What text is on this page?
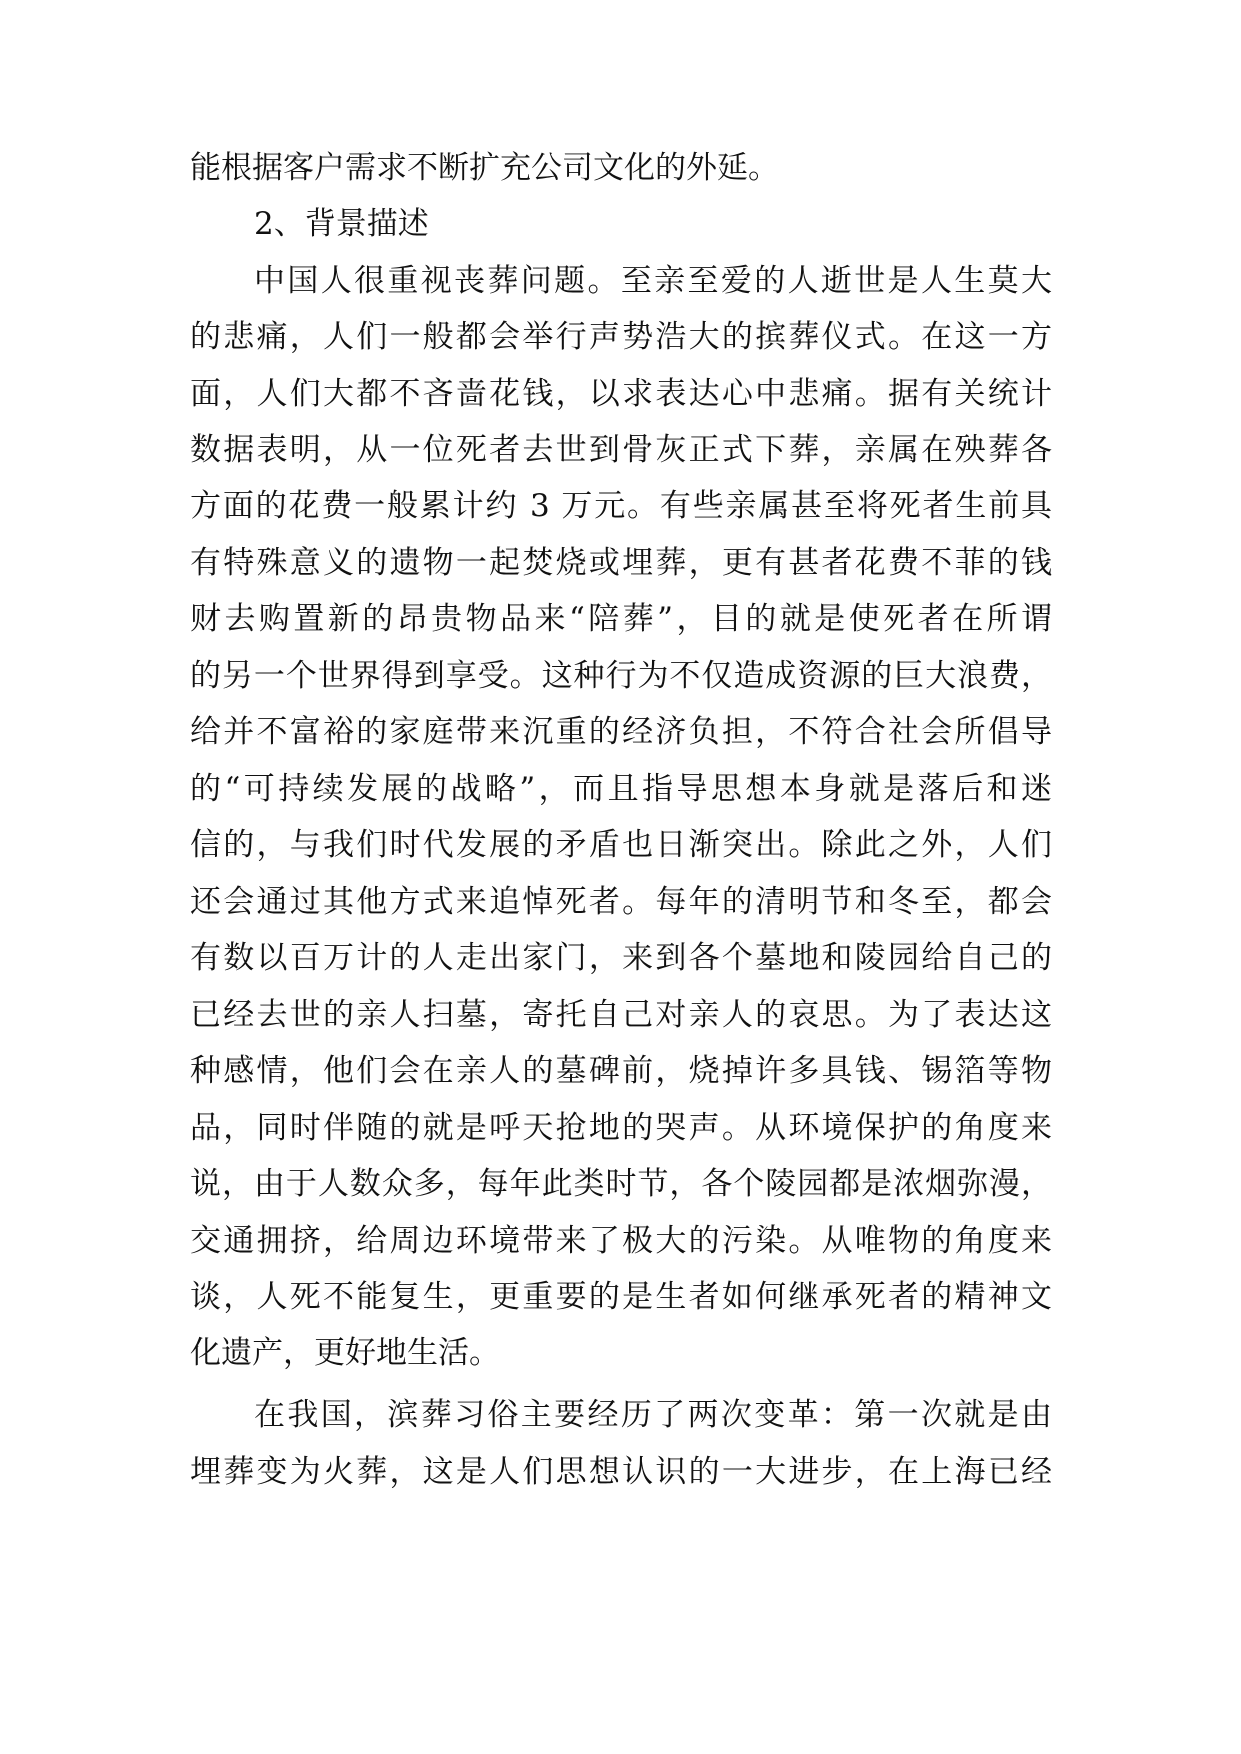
能根据客户需求不断扩充公司文化的外延。
2、背景描述
中国人很重视丧葬问题。至亲至爱的人逝世是人生莫大
的悲痛，人们一般都会举行声势浩大的摈葬仪式。在这一方
面，人们大都不吝啬花钱，以求表达心中悲痛。据有关统计
数据表明，从一位死者去世到骨灰正式下葬，亲属在殃葬各
方面的花费一般累计约 3 万元。有些亲属甚至将死者生前具
有特殊意义的遗物一起焚烧或埋葬，更有甚者花费不菲的钱
财去购置新的昂贵物品来“陪葬”，目的就是使死者在所谓
的另一个世界得到享受。这种行为不仅造成资源的巨大浪费，
给并不富裕的家庭带来沉重的经济负担，不符合社会所倡导
的“可持续发展的战略”，而且指导思想本身就是落后和迷
信的，与我们时代发展的矛盾也日渐突出。除此之外，人们
还会通过其他方式来追悼死者。每年的清明节和冬至，都会
有数以百万计的人走出家门，来到各个墓地和陵园给自己的
已经去世的亲人扫墓，寄托自己对亲人的哀思。为了表达这
种感情，他们会在亲人的墓碑前，烧掉许多具钱、锡箔等物
品，同时伴随的就是呼天抢地的哭声。从环境保护的角度来
说，由于人数众多，每年此类时节，各个陵园都是浓烟弥漫，
交通拥挤，给周边环境带来了极大的污染。从唯物的角度来
谈，人死不能复生，更重要的是生者如何继承死者的精神文
化遗产，更好地生活。
在我国，滨葬习俗主要经历了两次变革：第一次就是由
埋葬变为火葬，这是人们思想认识的一大进步，在上海已经
